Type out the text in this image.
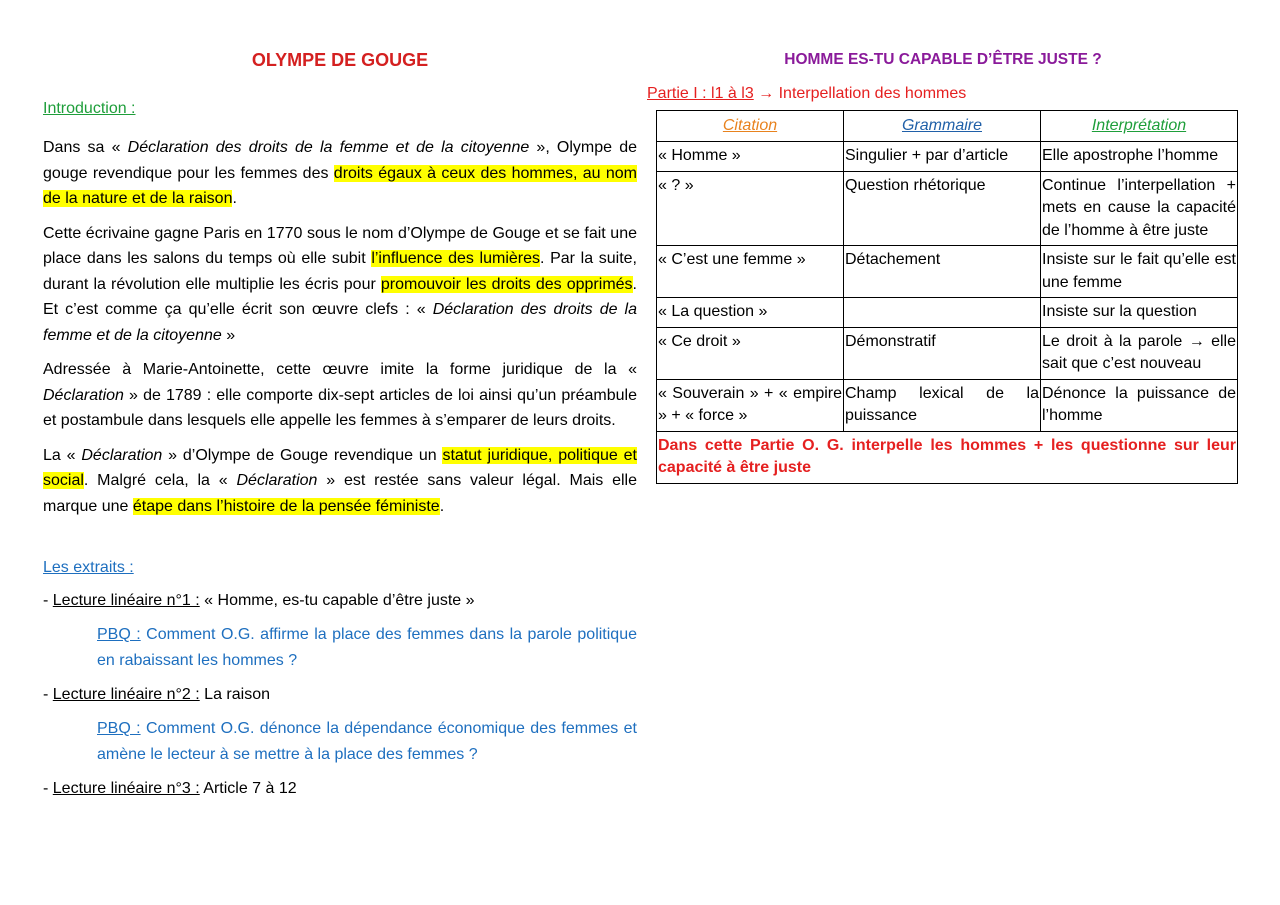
OLYMPE DE GOUGE
Introduction :

Dans sa « Déclaration des droits de la femme et de la citoyenne », Olympe de gouge revendique pour les femmes des droits égaux à ceux des hommes, au nom de la nature et de la raison.

Cette écrivaine gagne Paris en 1770 sous le nom d’Olympe de Gouge et se fait une place dans les salons du temps où elle subit l’influence des lumières. Par la suite, durant la révolution elle multiplie les écris pour promouvoir les droits des opprimés. Et c’est comme ça qu’elle écrit son œuvre clefs : « Déclaration des droits de la femme et de la citoyenne »

Adressée à Marie-Antoinette, cette œuvre imite la forme juridique de la « Déclaration » de 1789 : elle comporte dix-sept articles de loi ainsi qu’un préambule et postambule dans lesquels elle appelle les femmes à s’emparer de leurs droits.

La « Déclaration » d’Olympe de Gouge revendique un statut juridique, politique et social. Malgré cela, la « Déclaration » est restée sans valeur légal. Mais elle marque une étape dans l’histoire de la pensée féministe.

Les extraits :
- Lecture linéaire n°1 : « Homme, es-tu capable d’être juste »
PBQ : Comment O.G. affirme la place des femmes dans la parole politique en rabaissant les hommes ?
- Lecture linéaire n°2 : La raison
PBQ : Comment O.G. dénonce la dépendance économique des femmes et amène le lecteur à se mettre à la place des femmes ?
- Lecture linéaire n°3 : Article 7 à 12
HOMME ES-TU CAPABLE D’ÊTRE JUSTE ?
Partie I : l1 à l3 → Interpellation des hommes
Citation	Grammaire	Interprétation
« Homme »	Singulier + par d’article	Elle apostrophe l’homme
« ? »	Question rhétorique	Continue l’interpellation + mets en cause la capacité de l’homme à être juste
« C’est une femme »	Détachement	Insiste sur le fait qu’elle est une femme
« La question »		Insiste sur la question
« Ce droit »	Démonstratif	Le droit à la parole → elle sait que c’est nouveau
« Souverain » + « empire » + « force »	Champ lexical de la puissance	Dénonce la puissance de l’homme
Dans cette Partie O. G. interpelle les hommes + les questionne sur leur capacité à être juste		
